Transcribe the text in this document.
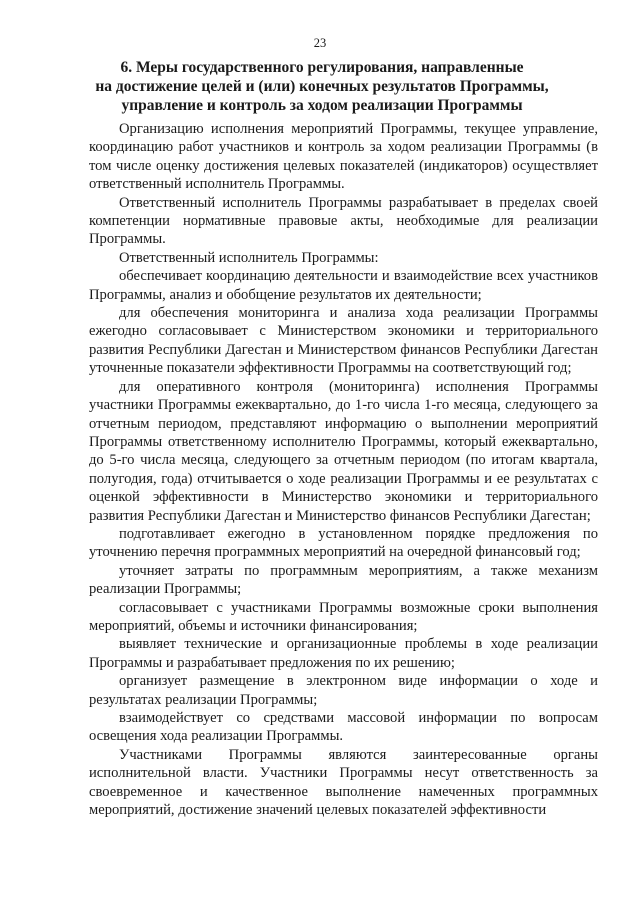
23
6. Меры государственного регулирования, направленные
на достижение целей и (или) конечных результатов Программы,
управление и контроль за ходом реализации Программы

Организацию исполнения мероприятий Программы, текущее управление, координацию работ участников и контроль за ходом реализации Программы (в том числе оценку достижения целевых показателей (индикаторов) осуществляет ответственный исполнитель Программы.

Ответственный исполнитель Программы разрабатывает в пределах своей компетенции нормативные правовые акты, необходимые для реализации Программы.

Ответственный исполнитель Программы:

обеспечивает координацию деятельности и взаимодействие всех участников Программы, анализ и обобщение результатов их деятельности;

для обеспечения мониторинга и анализа хода реализации Программы ежегодно согласовывает с Министерством экономики и территориального развития Республики Дагестан и Министерством финансов Республики Дагестан уточненные показатели эффективности Программы на соответствующий год;

для оперативного контроля (мониторинга) исполнения Программы участники Программы ежеквартально, до 1-го числа 1-го месяца, следующего за отчетным периодом, представляют информацию о выполнении мероприятий Программы ответственному исполнителю Программы, который ежеквартально, до 5-го числа месяца, следующего за отчетным периодом (по итогам квартала, полугодия, года) отчитывается о ходе реализации Программы и ее результатах с оценкой эффективности в Министерство экономики и территориального развития Республики Дагестан и Министерство финансов Республики Дагестан;

подготавливает ежегодно в установленном порядке предложения по уточнению перечня программных мероприятий на очередной финансовый год;

уточняет затраты по программным мероприятиям, а также механизм реализации Программы;

согласовывает с участниками Программы возможные сроки выполнения мероприятий, объемы и источники финансирования;

выявляет технические и организационные проблемы в ходе реализации Программы и разрабатывает предложения по их решению;

организует размещение в электронном виде информации о ходе и результатах реализации Программы;

взаимодействует со средствами массовой информации по вопросам освещения хода реализации Программы.

Участниками Программы являются заинтересованные органы исполнительной власти. Участники Программы несут ответственность за своевременное и качественное выполнение намеченных программных мероприятий, достижение значений целевых показателей эффективности
